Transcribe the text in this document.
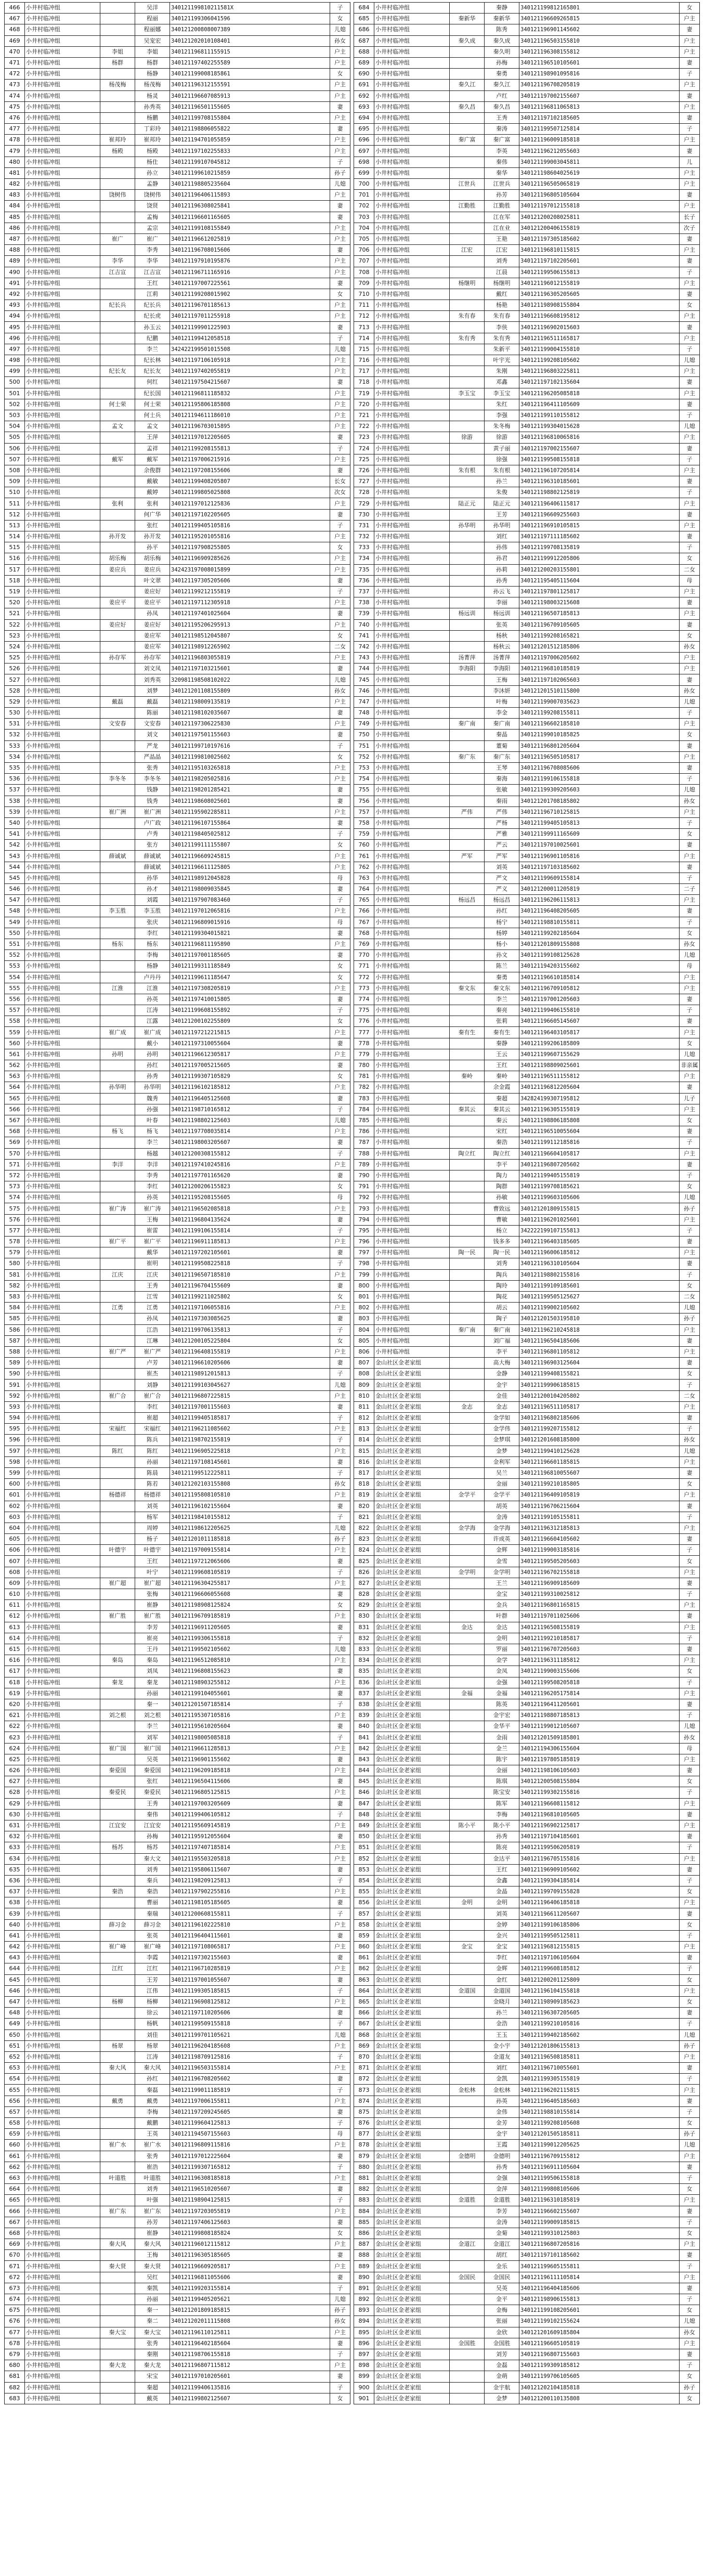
466	小井村临冲组		吴洋	340121199810211581X	子
467	小井村临冲组		程丽	340121199306041596	女
468	小井村临冲组		程丽娜	340121200808007389	儿媳
469	小井村临冲组		吴宠宏	340121202010108401	孙女
470	小井村临冲组	李姐	李姐	340121196811155915	户主
471	小井村临冲组	杨群	杨群	340121197402255589	户主
472	小井村临冲组		杨静	340121199008185861	女
473	小井村临冲组	杨茂梅	杨茂梅	340121196312155591	户主
474	小井村临冲组		杨灵	340121196607085913	户主
475	小井村临冲组		孙秀英	340121196501155605	妻
476	小井村临冲组		杨鹏	340121199708155804	户主
477	小井村临冲组		丁彩玲	340121198806055822	妻
478	小井村临冲组	崔邦玲	崔邦玲	340121194701055859	户主
479	小井村临冲组	杨殿	杨殿	340121197102255833	户主
480	小井村临冲组		杨仕	340121199107045812	子
481	小井村临冲组		孙立	340121199610215859	孙子
482	小井村临冲组		孟静	340121198805235604	儿媳
483	小井村临冲组	饶树伟	饶树伟	340121196406115893	户主
484	小井村临冲组		饶贤	340121196308025841	妻
485	小井村临冲组		孟梅	340121196601165605	妻
486	小井村临冲组		孟宗	340121199108155849	户主
487	小井村临冲组	崔广	崔广	340121196612025819	户主
488	小井村临冲组		李秀	340121196708015606	妻
489	小井村临冲组	李华	李华	340121197910195876	户主
490	小井村临冲组	江吉宣	江吉宣	340121196711165916	户主
491	小井村临冲组		王红	340121197007225561	妻
492	小井村临冲组		江莉	340121199208015902	女
493	小井村临冲组	纪长兵	纪长兵	340121196701185613	户主
494	小井村临冲组		纪长虎	340121197011255918	户主
495	小井村临冲组		孙玉云	340121199901225903	妻
496	小井村临冲组		纪鹏	340121199412058518	子
497	小井村临冲组		李兰	342422199501015508	儿媳
498	小井村临冲组		纪长林	340121197106105918	户主
499	小井村临冲组	纪长友	纪长友	340121197402055819	户主
500	小井村临冲组		何红	340121197504215607	妻
501	小井村临冲组		纪长国	340121196811185832	户主
502	小井村临冲组	何士荣	何士荣	340121195806185808	户主
503	小井村临冲组		何士兵	340121194611186010	户主
504	小井村临冲组	孟文	孟文	340121196703015895	户主
505	小井村临冲组		王萍	340121197012205605	妻
506	小井村临冲组		孟祥	340121199208155813	子
507	小井村临冲组	戴军	戴军	340121197006215916	户主
508	小井村临冲组		余俊群	340121197208155606	妻
509	小井村临冲组		戴敏	340121199408205807	长女
510	小井村临冲组		戴婷	340121199805025808	次女
511	小井村临冲组	张利	张利	340121197012125836	户主
512	小井村临冲组		何广华	340121197102205605	妻
513	小井村临冲组		张红	340121199405105816	子
514	小井村临冲组	孙开发	孙开发	340121195201055816	户主
515	小井村临冲组		孙平	340121197908255805	女
516	小井村临冲组	胡乐梅	胡乐梅	340121196909285626	户主
517	小井村临冲组	姜应兵	姜应兵	342423197008015899	户主
518	小井村临冲组		叶文翠	340121197305205606	妻
519	小井村临冲组		姜应好	340121199212155819	子
520	小井村临冲组	姜应平	姜应平	340121197112305918	户主
521	小井村临冲组		孙凤	340121197401025604	妻
522	小井村临冲组	姜应好	姜应好	340121195206295913	户主
523	小井村临冲组		姜应军	340121198512045807	女
524	小井村临冲组		姜应军	340121198912265902	二女
525	小井村临冲组	孙存军	孙存军	340121196803055819	户主
526	小井村临冲组		刘文凤	340121197103215601	妻
527	小井村临冲组		刘秀英	320981198508102022	儿媳
528	小井村临冲组		刘梦	340121201108155809	孙女
529	小井村临冲组	戴磊	戴磊	340121198009135819	户主
530	小井村临冲组		陈丽	340121198102035607	妻
531	小井村临冲组	文安春	文安春	340121197306225830	户主
532	小井村临冲组		刘文	340121197501155603	妻
533	小井村临冲组		严龙	340121199710197616	子
534	小井村临冲组		严晶晶	340121199810025602	女
535	小井村临冲组		张秀	340121195103265818	户主
536	小井村临冲组	李冬冬	李冬冬	340121198205025816	户主
537	小井村临冲组		钱静	340121198201285421	妻
538	小井村临冲组		钱秀	340121198608025601	妻
539	小井村临冲组	崔广洲	崔广洲	340121195902285811	户主
540	小井村临冲组		卢广政	340121196107155864	妻
541	小井村临冲组		卢秀	340121198405025812	子
542	小井村临冲组		张方	340121199111155807	女
543	小井村临冲组	薛诚斌	薛诚斌	340121196609245815	户主
544	小井村临冲组		薛诚斌	340121196611125805	户主
545	小井村临冲组		孙华	340121198912045828	母
546	小井村临冲组		孙才	340121198009035845	妻
547	小井村临冲组		刘霞	340121197907083460	子
548	小井村临冲组	李玉胜	李玉胜	340121197012065816	户主
549	小井村临冲组		张庆	340121196809015916	母
550	小井村临冲组		李红	340121199304015821	妻
551	小井村临冲组	杨东	杨东	340121196811195890	户主
552	小井村临冲组		李梅	340121197001185605	妻
553	小井村临冲组		杨静	340121199311185849	女
554	小井村临冲组		卢丹丹	340121199611185647	女
555	小井村临冲组	江淮	江淮	340121197308205819	户主
556	小井村临冲组		孙英	340121197410015805	妻
557	小井村临冲组		江涛	340121199608155892	子
558	小井村临冲组		江露	340121200102255809	女
559	小井村临冲组	崔广成	崔广成	340121197212215815	户主
560	小井村临冲组		戴小	340121197310055604	妻
561	小井村临冲组	孙明	孙明	340121196612305817	户主
562	小井村临冲组		孙红	340121197005215605	妻
563	小井村临冲组		孙秀	340121199307105829	女
564	小井村临冲组	孙华明	孙华明	340121196102185812	户主
565	小井村临冲组		魏秀	340121196405125608	妻
566	小井村临冲组		孙强	340121198710165812	子
567	小井村临冲组		叶春	340121198802125603	儿媳
568	小井村临冲组	杨飞	杨飞	340121197708035814	户主
569	小井村临冲组		李兰	340121198003205607	妻
570	小井村临冲组		杨越	340121200308155812	子
571	小井村临冲组	李洋	李洋	340121197410245816	户主
572	小井村临冲组		李秀	340121197701165620	妻
573	小井村临冲组		李红	340121200206155823	女
574	小井村临冲组		孙英	340121195208155605	母
575	小井村临冲组	崔广涛	崔广涛	340121196502085818	户主
576	小井村临冲组		王梅	340121196804135624	妻
577	小井村临冲组		崔雷	340121199106155814	子
578	小井村临冲组	崔广平	崔广平	340121196911185813	户主
579	小井村临冲组		戴华	340121197202105601	妻
580	小井村临冲组		崔明	340121199508225818	子
581	小井村临冲组	江庆	江庆	340121196507185810	户主
582	小井村临冲组		王秀	340121196704155609	妻
583	小井村临冲组		江雪	340121199211025802	女
584	小井村临冲组	江勇	江勇	340121197106055816	户主
585	小井村临冲组		孙凤	340121197303085625	妻
586	小井村临冲组		江浩	340121199706135813	子
587	小井村临冲组		江琳	340121200105225804	女
588	小井村临冲组	崔广严	崔广严	340121196408155819	户主
589	小井村临冲组		卢芳	340121196610205606	妻
590	小井村临冲组		崔杰	340121198912015813	子
591	小井村临冲组		刘静	340121199103045627	儿媳
592	小井村临冲组	崔广合	崔广合	340121196807225815	户主
593	小井村临冲组		李红	340121197001155603	妻
594	小井村临冲组		崔超	340121199405185817	子
595	小井村临冲组	宋福红	宋福红	340121196211085602	户主
596	小井村临冲组		陈兵	340121198702155819	子
597	小井村临冲组	陈红	陈红	340121196905225818	户主
598	小井村临冲组		孙丽	340121197108145601	妻
599	小井村临冲组		陈晨	340121199512225811	子
600	小井村临冲组		陈若	340121202103155808	孙女
601	小井村临冲组	杨德祥	杨德祥	340121195808105810	户主
602	小井村临冲组		刘英	340121196102155604	妻
603	小井村临冲组		杨军	340121198410155812	子
604	小井村临冲组		周婷	340121198612205625	儿媳
605	小井村临冲组		杨子	340121201011185818	孙子
606	小井村临冲组	叶德宇	叶德宇	340121197009155814	户主
607	小井村临冲组		王红	340121197212065606	妻
608	小井村临冲组		叶宁	340121199608105819	子
609	小井村临冲组	崔广超	崔广超	340121196304255817	户主
610	小井村临冲组		张梅	340121196606055608	妻
611	小井村临冲组		崔静	340121198908125824	女
612	小井村临冲组	崔广胜	崔广胜	340121196709185819	户主
613	小井村临冲组		李芳	340121196911205605	妻
614	小井村临冲组		崔亮	340121199306155818	子
615	小井村临冲组		王丹	340121199502105602	儿媳
616	小井村临冲组	秦岛	秦岛	340121196512085810	户主
617	小井村临冲组		刘凤	340121196808155623	妻
618	小井村临冲组	秦龙	秦龙	340121198903255812	户主
619	小井村临冲组		孙丽	340121199104055601	妻
620	小井村临冲组		秦一	340121201507185814	子
621	小井村临冲组	刘之根	刘之根	340121195307105816	户主
622	小井村临冲组		李兰	340121195610205604	妻
623	小井村临冲组		刘军	340121198005085818	子
624	小井村临冲组	崔广国	崔广国	340121196611285813	户主
625	小井村临冲组		吴英	340121196901155602	妻
626	小井村临冲组	秦爱国	秦爱国	340121196209185818	户主
627	小井村临冲组		张红	340121196504115606	妻
628	小井村临冲组	秦爱民	秦爱民	340121196805125815	户主
629	小井村临冲组		王秀	340121197003205609	妻
630	小井村临冲组		秦伟	340121199406105812	子
631	小井村临冲组	江宜安	江宜安	340121195609145819	户主
632	小井村临冲组		孙梅	340121195912055604	妻
633	小井村临冲组	杨苏	杨苏	340121197407185814	户主
634	小井村临冲组		秦大文	340121195503205818	户主
635	小井村临冲组		刘秀	340121195806115607	妻
636	小井村临冲组		秦兵	340121198209125813	子
637	小井村临冲组	秦浩	秦浩	340121197902255816	户主
638	小井村临冲组		曹丽	340121198105185605	妻
639	小井村临冲组		秦瑞	340121200608155811	子
640	小井村临冲组	薛习金	薛习金	340121196102225810	户主
641	小井村临冲组		张英	340121196404115601	妻
642	小井村临冲组	崔广峰	崔广峰	340121197108065817	户主
643	小井村临冲组		李霞	340121197302155603	妻
644	小井村临冲组	江红	江红	340121196710285819	户主
645	小井村临冲组		王芳	340121197001055607	妻
646	小井村临冲组		江伟	340121199305185815	子
647	小井村临冲组	杨柳	杨柳	340121196908125812	户主
648	小井村临冲组		徐云	340121197110205606	妻
649	小井村临冲组		杨帆	340121199509155818	子
650	小井村临冲组		刘佳	340121199701105621	儿媳
651	小井村临冲组	杨翠	杨翠	340121196204185608	户主
652	小井村临冲组		江涛	340121198709125816	子
653	小井村临冲组	秦大风	秦大风	340121196503155814	户主
654	小井村临冲组		孙红	340121196708205602	妻
655	小井村临冲组		秦磊	340121199011185819	子
656	小井村临冲组	戴勇	戴勇	340121197006155811	户主
657	小井村临冲组		李梅	340121197209245605	妻
658	小井村临冲组		戴鹏	340121199604125813	子
659	小井村临冲组		王英	340121194507155603	母
660	小井村临冲组	崔广水	崔广水	340121196809115816	户主
661	小井村临冲组		张秀	340121197012225604	妻
662	小井村临冲组		崔浩	340121199307165812	子
663	小井村临冲组	叶道胜	叶道胜	340121196308185818	户主
664	小井村临冲组		刘秀	340121196510205607	妻
665	小井村临冲组		叶强	340121198904125815	子
666	小井村临冲组	崔广东	崔广东	340121197203055819	户主
667	小井村临冲组		孙芳	340121197406125603	妻
668	小井村临冲组		崔静	340121199808185824	女
669	小井村临冲组	秦大风	秦大风	340121196012115812	户主
670	小井村临冲组		王梅	340121196305185605	妻
671	小井村临冲组	秦大贤	秦大贤	340121196609205817	户主
672	小井村临冲组		吴红	340121196811055606	妻
673	小井村临冲组		秦凯	340121199203155814	子
674	小井村临冲组		孙丽	340121199405205621	儿媳
675	小井村临冲组		秦一	340121201809185815	孙子
676	小井村临冲组		秦二	340121202011115808	孙女
677	小井村临冲组	秦大宝	秦大宝	340121196110125811	户主
678	小井村临冲组		张秀	340121196402185604	妻
679	小井村临冲组		秦刚	340121198706155818	子
680	小井村临冲组	秦大龙	秦大龙	340121196807115812	户主
681	小井村临冲组		宋宝	340121197010205601	妻
682	小井村临冲组		秦超	340121199406135816	子
683	小井村临冲组		戴英	340121199802125607	女
684	小井村临冲组		秦静	340121199812165801	女
685	小井村临冲组	秦新华	秦新华	340121196609265815	户主
686	小井村临冲组		陈秀	340121196901145602	妻
687	小井村临冲组	秦久成	秦久成	340121196503155810	户主
688	小井村临冲组		秦久明	340121196308155812	户主
689	小井村临冲组		孙梅	340121196510105601	妻
690	小井村临冲组		秦勇	340121198901095816	子
691	小井村临冲组	秦久江	秦久江	340121196708205819	户主
692	小井村临冲组		卢红	340121197002155607	妻
693	小井村临冲组	秦久昌	秦久昌	340121196811065813	户主
694	小井村临冲组		王秀	340121197102185605	妻
695	小井村临冲组		秦涛	340121199507125814	子
696	小井村临冲组	秦广富	秦广富	340121196009185818	户主
697	小井村临冲组		李英	340121196212055603	妻
698	小井村临冲组		秦伟	340121199003045811	儿
699	小井村临冲组		秦华	340121198604025619	户主
700	小井村临冲组	江世兵	江世兵	340121196505065819	户主
701	小井村临冲组		孙芳	340121196805105604	妻
702	小井村临冲组	江勤胜	江勤胜	340121197012155818	户主
703	小井村临冲组		江在军	340121200208025811	长子
704	小井村临冲组		江在业	340121200406155819	次子
705	小井村临冲组		王艳	340121197305185602	妻
706	小井村临冲组	江宏	江宏	340121196810115815	户主
707	小井村临冲组		刘秀	340121197102205601	妻
708	小井村临冲组		江晨	340121199506155813	子
709	小井村临冲组	杨继明	杨继明	340121196012155819	户主
710	小井村临冲组		戴红	340121196305205605	妻
711	小井村临冲组		杨艳	340121198908155804	女
712	小井村临冲组	朱有春	朱有春	340121196608195812	户主
713	小井村临冲组		李侠	340121196902015603	妻
714	小井村临冲组	朱有秀	朱有秀	340121196511165817	户主
715	小井村临冲组		朱新平	340121199004155810	子
716	小井村临冲组		叶宇光	340121199208105602	儿媳
717	小井村临冲组		朱刚	340121196803225811	户主
718	小井村临冲组		邓鑫	340121197102135604	妻
719	小井村临冲组	李玉宝	李玉宝	340121196205085818	户主
720	小井村临冲组		朱红	340121196411105609	妻
721	小井村临冲组		李强	340121199110155812	子
722	小井村临冲组		朱冬梅	340121199304015628	儿媳
723	小井村临冲组	徐游	徐游	340121196810065816	户主
724	小井村临冲组		黄子丽	340121197002155607	妻
725	小井村临冲组		徐强	340121199508155818	子
726	小井村临冲组	朱有根	朱有根	340121196107205814	户主
727	小井村临冲组		孙兰	340121196310185601	妻
728	小井村临冲组		朱俊	340121198802125819	子
729	小井村临冲组	陆正元	陆正元	340121196406115817	户主
730	小井村临冲组		王芳	340121196609255603	妻
731	小井村临冲组	孙华明	孙华明	340121196910105815	户主
732	小井村临冲组		刘红	340121197111185602	妻
733	小井村临冲组		孙伟	340121199708135819	子
734	小井村临冲组		孙君	340121199912205806	女
735	小井村临冲组		孙莉	340121200203155801	二女
736	小井村临冲组		孙秀	340121195405115604	母
737	小井村临冲组		孙云飞	340121197801125817	户主
738	小井村临冲组		李丽	340121198003215608	妻
739	小井村临冲组	杨远训	杨远训	340121196507185813	户主
740	小井村临冲组		张英	340121196709105605	妻
741	小井村临冲组		杨秋	340121199208165821	女
742	小井村临冲组		杨秋云	340121201512185806	孙女
743	小井村临冲组	汤菁萍	汤菁萍	340121197006205602	户主
744	小井村临冲组	李海阳	李海阳	340121196810185819	户主
745	小井村临冲组		王梅	340121197102065603	妻
746	小井村临冲组		李沐妍	340121201510115800	孙女
747	小井村临冲组		叶梅	340121199007035623	儿媳
748	小井村临冲组		李金	340121199208155811	子
749	小井村临冲组	秦广南	秦广南	340121196602185810	户主
750	小井村临冲组		秦晶	340121199010185825	女
751	小井村临冲组		董菊	340121196801205604	妻
752	小井村临冲组	秦广东	秦广东	340121196505105817	户主
753	小井村临冲组		王琴	340121196708085606	妻
754	小井村临冲组		秦海	340121199106155818	子
755	小井村临冲组		张敏	340121199309205603	儿媳
756	小井村临冲组		秦雨	340121201708185802	孙女
757	小井村临冲组	严伟	严伟	340121196710125815	户主
758	小井村临冲组		严杨	340121199405105813	子
759	小井村临冲组		严雅	340121199911165609	女
760	小井村临冲组		严云	340121197010025601	妻
761	小井村临冲组	严军	严军	340121196901105816	户主
762	小井村临冲组		刘英	340121197103185602	妻
763	小井村临冲组		严文	340121199609155814	子
764	小井村临冲组		严义	340121200011205819	二子
765	小井村临冲组	杨远昌	杨远昌	340121196206115813	户主
766	小井村临冲组		孙红	340121196408205605	妻
767	小井村临冲组		杨宁	340121198810155811	子
768	小井村临冲组		杨婷	340121199202185604	女
769	小井村临冲组		杨小	340121201809155808	孙女
770	小井村临冲组		孙文	340121199108125628	儿媳
771	小井村临冲组		陈兰	340121194203155602	母
772	小井村临冲组		秦勇	340121196610185814	户主
773	小井村临冲组	秦文东	秦文东	340121196709105812	户主
774	小井村临冲组		李兰	340121197001205603	妻
775	小井村临冲组		秦亮	340121199406155810	子
776	小井村临冲组		张莉	340121196605145607	妻
777	小井村临冲组	秦有生	秦有生	340121196403105817	户主
778	小井村临冲组		秦静	340121199206185809	女
779	小井村临冲组		王云	340121199607155629	儿媳
780	小井村临冲组		王红	340121198809025601	非亲属
781	小井村临冲组	秦岭	秦岭	340121196511155812	户主
782	小井村临冲组		余金霞	340121196812205604	妻
783	小井村临冲组		秦超	342824199307195812	儿子
784	小井村临冲组	秦其云	秦其云	340121196305155819	户主
785	小井村临冲组		秦云	340121198806185808	女
786	小井村临冲组		宋红	340121196510055604	妻
787	小井村临冲组		秦浩	340121199112185816	子
788	小井村临冲组	陶立红	陶立红	340121196604105817	户主
789	小井村临冲组		李平	340121196807205602	妻
790	小井村临冲组		陶力	340121199405155819	子
791	小井村临冲组		陶群	340121199708185621	女
792	小井村临冲组		孙敏	340121199603105606	儿媳
793	小井村临冲组		曹致远	340121201809155815	孙子
794	小井村临冲组		曹敏	340121196201025601	户主
795	小井村临冲组		杨立	342222199107155813	子
796	小井村临冲组		钱多多	340121196403185605	妻
797	小井村临冲组	陶一民	陶一民	340121196006185812	户主
798	小井村临冲组		刘秀	340121196310105604	妻
799	小井村临冲组		陶兵	340121198802155816	子
800	小井村临冲组		陶玲	340121199109185601	女
801	小井村临冲组		陶花	340121199505125627	二女
802	小井村临冲组		胡云	340121199002105602	儿媳
803	小井村临冲组		陶子	340121201503195810	孙子
804	小井村临冲组	秦广南	秦广南	340121196210245818	户主
805	小井村临冲组		刘广福	340121196504185606	妻
806	小井村临冲组		李平	340121196801105812	户主
807	金山社区金老家组		高大梅	340121196903125604	妻
808	金山社区金老家组		金静	340121199408155821	女
809	金山社区金老家组		金宇	340121199906185815	子
810	金山社区金老家组		金佳	340121200104205802	二女
811	金山社区金老家组	金志	金志	340121196511105817	户主
812	金山社区金老家组		金学如	340121196802185606	妻
813	金山社区金老家组		金学伟	340121199207155812	子
814	金山社区金老家组		金梦琪	340121201608185800	孙女
815	金山社区金老家组		金梦	340121199410125628	儿媳
816	金山社区金老家组		金利军	340121196601185815	户主
817	金山社区金老家组		吴兰	340121196810055607	妻
818	金山社区金老家组		金丽	340121199210185805	女
819	金山社区金老家组	金学平	金学平	340121196409105819	户主
820	金山社区金老家组		胡英	340121196706215604	妻
821	金山社区金老家组		金涛	340121199105155811	子
822	金山社区金老家组	金学海	金学海	340121196312185813	户主
823	金山社区金老家组		许成英	340121196604105602	妻
824	金山社区金老家组		金辉	340121199003185816	子
825	金山社区金老家组		金雪	340121199505205603	女
826	金山社区金老家组	金学明	金学明	340121196702155818	户主
827	金山社区金老家组		王兰	340121196909185609	妻
828	金山社区金老家组		金宝	340121199310025812	子
829	金山社区金老家组		金兵	340121196801165815	户主
830	金山社区金老家组		叶群	340121197011025606	妻
831	金山社区金老家组	金达	金达	340121196508155819	户主
832	金山社区金老家组		金明	340121199210185817	子
833	金山社区金老家组		罗丽	340121196707205603	妻
834	金山社区金老家组		金学	340121196311185812	户主
835	金山社区金老家组		金凤	340121199003155606	女
836	金山社区金老家组		金强	340121199508205818	子
837	金山社区金老家组	金福	金福	340121196205175814	户主
838	金山社区金老家组		陈英	340121196411205601	妻
839	金山社区金老家组		金宇宏	340121198807185813	子
840	金山社区金老家组		金华平	340121199012105607	儿媳
841	金山社区金老家组		金雨	340121201509185801	孙女
842	金山社区金老家组		金兰	340121194306155604	母
843	金山社区金老家组		陈宇	340121197805185819	户主
844	金山社区金老家组		金丽	340121198106105603	妻
845	金山社区金老家组		陈琪	340121200508155804	女
846	金山社区金老家组		陈宝安	340121199302155816	子
847	金山社区金老家组		陈军	340121196608115812	户主
848	金山社区金老家组		李梅	340121196810105605	妻
849	金山社区金老家组	陈小平	陈小平	340121196902125817	户主
850	金山社区金老家组		孙秀	340121197104185601	妻
851	金山社区金老家组		陈亮	340121199506205819	子
852	金山社区金老家组		金达平	340121196705155816	户主
853	金山社区金老家组		王红	340121196909105602	妻
854	金山社区金老家组		金鑫	340121199304185814	子
855	金山社区金老家组		金晶	340121199709155828	女
856	金山社区金老家组	金明	金明	340121196406185818	户主
857	金山社区金老家组		刘英	340121196611205607	妻
858	金山社区金老家组		金婷	340121199106185806	女
859	金山社区金老家组		金兴	340121199505125811	子
860	金山社区金老家组	金宝	金宝	340121196812155815	户主
861	金山社区金老家组		李红	340121197106105604	妻
862	金山社区金老家组		金辉	340121199608185812	子
863	金山社区金老家组		金红	340121200201125809	女
864	金山社区金老家组	金道国	金道国	340121196104155818	户主
865	金山社区金老家组		金晓月	340121198909185623	女
866	金山社区金老家组		孙兰	340121196307205605	妻
867	金山社区金老家组		金浩	340121199210105816	子
868	金山社区金老家组		王玉	340121199402185602	儿媳
869	金山社区金老家组		金小宇	340121201806155813	孙子
870	金山社区金老家组		金道友	340121196508185811	户主
871	金山社区金老家组		刘红	340121196710055601	妻
872	金山社区金老家组		金凯	340121199305155819	子
873	金山社区金老家组	金松林	金松林	340121196202115815	户主
874	金山社区金老家组		孙英	340121196405185603	妻
875	金山社区金老家组		金伟	340121198810155814	子
876	金山社区金老家组		金芳	340121199208105608	女
877	金山社区金老家组		金宇	340121201505185811	孙子
878	金山社区金老家组		王霞	340121199012205625	儿媳
879	金山社区金老家组	金德明	金德明	340121196709155812	户主
880	金山社区金老家组		孙秀	340121196911105604	妻
881	金山社区金老家组		金强	340121199506155818	子
882	金山社区金老家组		金萍	340121199808105606	女
883	金山社区金老家组	金道胜	金道胜	340121196310185819	户主
884	金山社区金老家组		李芳	340121196602155607	妻
885	金山社区金老家组		金涛	340121199009185815	子
886	金山社区金老家组		金菊	340121199310125803	女
887	金山社区金老家组	金道江	金道江	340121196807205816	户主
888	金山社区金老家组		胡红	340121197101185602	妻
889	金山社区金老家组		金乐	340121199605155811	子
890	金山社区金老家组	金国民	金国民	340121196111105814	户主
891	金山社区金老家组		吴英	340121196404185606	妻
892	金山社区金老家组		金平	340121198906155813	子
893	金山社区金老家组		金梅	340121199108205601	女
894	金山社区金老家组		张丽	340121199102155624	儿媳
895	金山社区金老家组		金欣	340121201609185804	孙女
896	金山社区金老家组	金国胜	金国胜	340121196605105819	户主
897	金山社区金老家组		刘芳	340121196807155603	妻
898	金山社区金老家组		金磊	340121199309185812	子
899	金山社区金老家组		金萌	340121199706105605	女
900	金山社区金老家组		金宇航	340121202104185818	孙子
901	金山社区金老家组		金梦	340121200110135808	女
